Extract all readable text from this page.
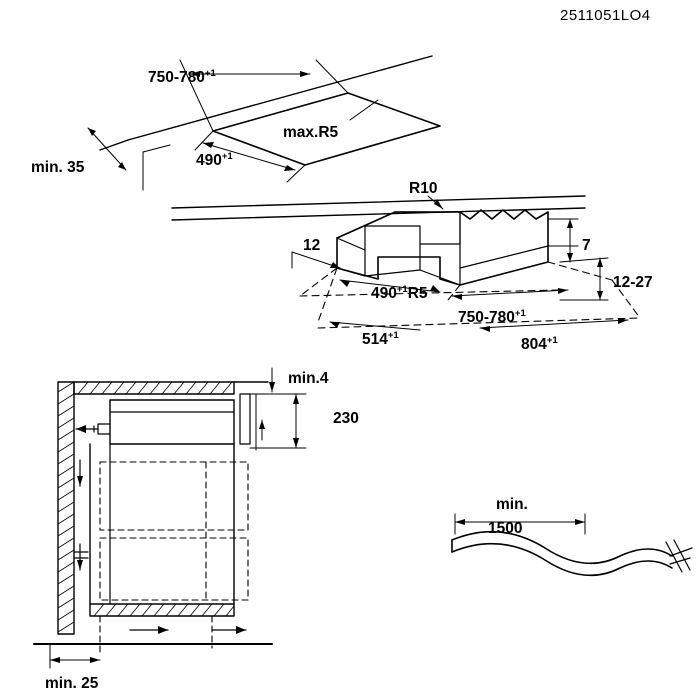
2511051LO4
$750-780^{+1}$
max.R5
$490^{+1}$
min. 35
R10
12	7
12-27
$490^{+1}R5$
$750-780^{+1}$
$514^{+1}$
$804^{+1}$
min.4
230
min. 25
min.
1500
